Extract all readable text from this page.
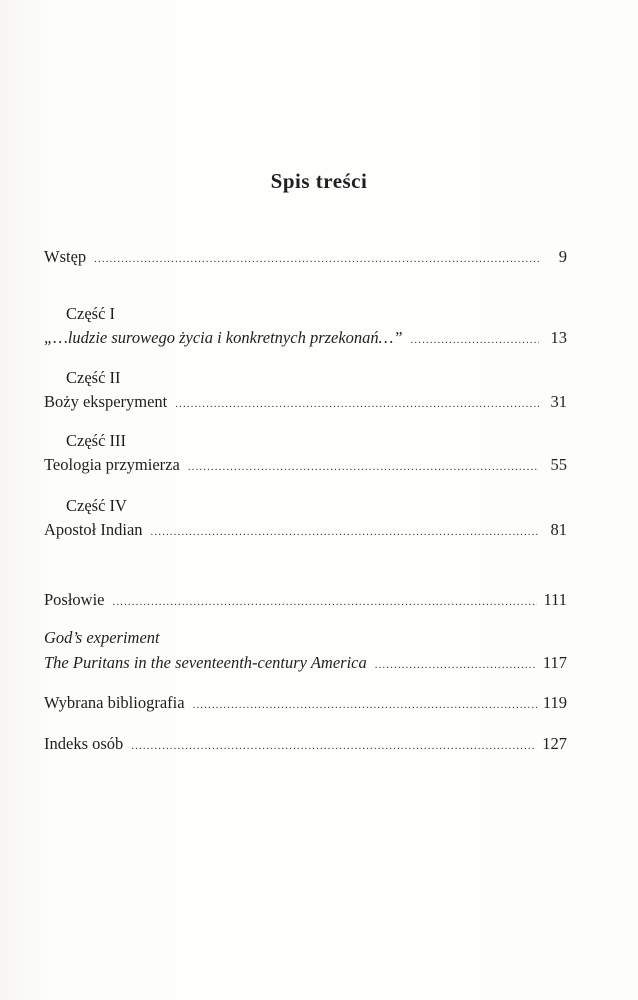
Spis treści
Wstęp .....	9
Część I
„…ludzie surowego życia i konkretnych przekonań…” .....	13
Część II
Boży eksperyment .....	31
Część III
Teologia przymierza .....	55
Część IV
Apostoł Indian .....	81
Posłowie .....	111
God’s experiment
The Puritans in the seventeenth-century America .....	117
Wybrana bibliografia .....	119
Indeks osób .....	127
